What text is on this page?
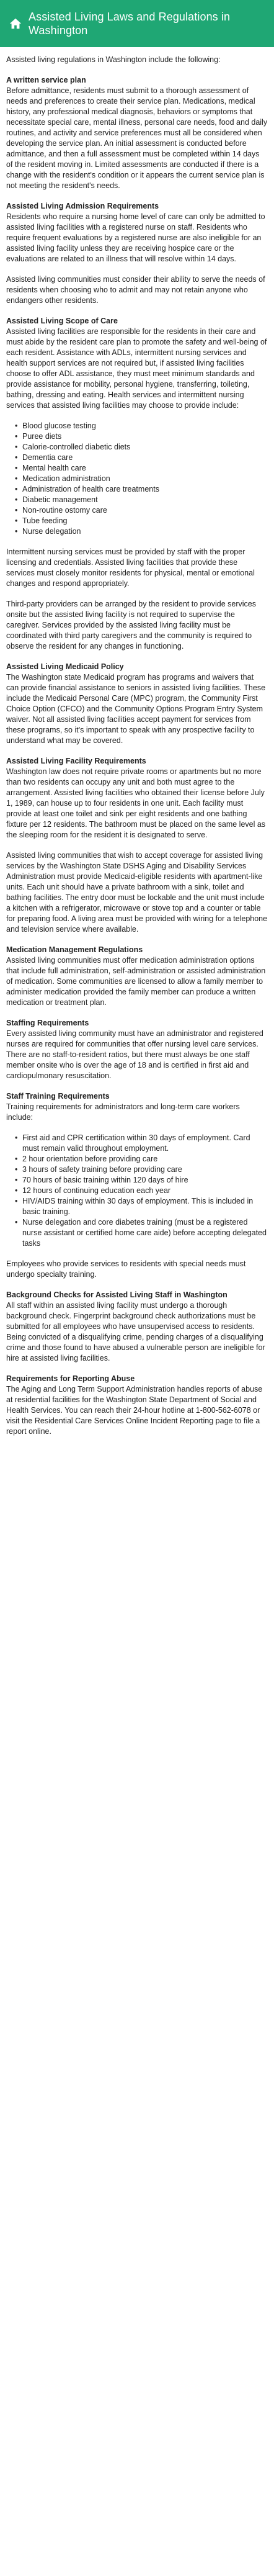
Assisted Living Laws and Regulations in Washington

Assisted living regulations in Washington include the following:

A written service plan

Before admittance, residents must submit to a thorough assessment of needs and preferences to create their service plan. Medications, medical history, any professional medical diagnosis, behaviors or symptoms that necessitate special care, mental illness, personal care needs, food and daily routines, and activity and service preferences must all be considered when developing the service plan. An initial assessment is conducted before admittance, and then a full assessment must be completed within 14 days of the resident moving in. Limited assessments are conducted if there is a change with the resident's condition or it appears the current service plan is not meeting the resident's needs.

Assisted Living Admission Requirements

Residents who require a nursing home level of care can only be admitted to assisted living facilities with a registered nurse on staff. Residents who require frequent evaluations by a registered nurse are also ineligible for an assisted living facility unless they are receiving hospice care or the evaluations are related to an illness that will resolve within 14 days.

Assisted living communities must consider their ability to serve the needs of residents when choosing who to admit and may not retain anyone who endangers other residents.

Assisted Living Scope of Care

Assisted living facilities are responsible for the residents in their care and must abide by the resident care plan to promote the safety and well-being of each resident. Assistance with ADLs, intermittent nursing services and health support services are not required but, if assisted living facilities choose to offer ADL assistance, they must meet minimum standards and provide assistance for mobility, personal hygiene, transferring, toileting, bathing, dressing and eating. Health services and intermittent nursing services that assisted living facilities may choose to provide include:

• Blood glucose testing
• Puree diets
• Calorie-controlled diabetic diets
• Dementia care
• Mental health care
• Medication administration
• Administration of health care treatments
• Diabetic management
• Non-routine ostomy care
• Tube feeding
• Nurse delegation

Intermittent nursing services must be provided by staff with the proper licensing and credentials. Assisted living facilities that provide these services must closely monitor residents for physical, mental or emotional changes and respond appropriately.

Third-party providers can be arranged by the resident to provide services onsite but the assisted living facility is not required to supervise the caregiver. Services provided by the assisted living facility must be coordinated with third party caregivers and the community is required to observe the resident for any changes in functioning.

Assisted Living Medicaid Policy

The Washington state Medicaid program has programs and waivers that can provide financial assistance to seniors in assisted living facilities. These include the Medicaid Personal Care (MPC) program, the Community First Choice Option (CFCO) and the Community Options Program Entry System waiver. Not all assisted living facilities accept payment for services from these programs, so it's important to speak with any prospective facility to understand what may be covered.

Assisted Living Facility Requirements

Washington law does not require private rooms or apartments but no more than two residents can occupy any unit and both must agree to the arrangement. Assisted living facilities who obtained their license before July 1, 1989, can house up to four residents in one unit. Each facility must provide at least one toilet and sink per eight residents and one bathing fixture per 12 residents. The bathroom must be placed on the same level as the sleeping room for the resident it is designated to serve.

Assisted living communities that wish to accept coverage for assisted living services by the Washington State DSHS Aging and Disability Services Administration must provide Medicaid-eligible residents with apartment-like units. Each unit should have a private bathroom with a sink, toilet and bathing facilities. The entry door must be lockable and the unit must include a kitchen with a refrigerator, microwave or stove top and a counter or table for preparing food. A living area must be provided with wiring for a telephone and television service where available.

Medication Management Regulations

Assisted living communities must offer medication administration options that include full administration, self-administration or assisted administration of medication. Some communities are licensed to allow a family member to administer medication provided the family member can produce a written medication or treatment plan.

Staffing Requirements

Every assisted living community must have an administrator and registered nurses are required for communities that offer nursing level care services. There are no staff-to-resident ratios, but there must always be one staff member onsite who is over the age of 18 and is certified in first aid and cardiopulmonary resuscitation.

Staff Training Requirements

Training requirements for administrators and long-term care workers include:

• First aid and CPR certification within 30 days of employment. Card must remain valid throughout employment.
• 2 hour orientation before providing care
• 3 hours of safety training before providing care
• 70 hours of basic training within 120 days of hire
• 12 hours of continuing education each year
• HIV/AIDS training within 30 days of employment. This is included in basic training.
• Nurse delegation and core diabetes training (must be a registered nurse assistant or certified home care aide) before accepting delegated tasks

Employees who provide services to residents with special needs must undergo specialty training.

Background Checks for Assisted Living Staff in Washington

All staff within an assisted living facility must undergo a thorough background check. Fingerprint background check authorizations must be submitted for all employees who have unsupervised access to residents. Being convicted of a disqualifying crime, pending charges of a disqualifying crime and those found to have abused a vulnerable person are ineligible for hire at assisted living facilities.

Requirements for Reporting Abuse

The Aging and Long Term Support Administration handles reports of abuse at residential facilities for the Washington State Department of Social and Health Services. You can reach their 24-hour hotline at 1-800-562-6078 or visit the Residential Care Services Online Incident Reporting page to file a report online.
